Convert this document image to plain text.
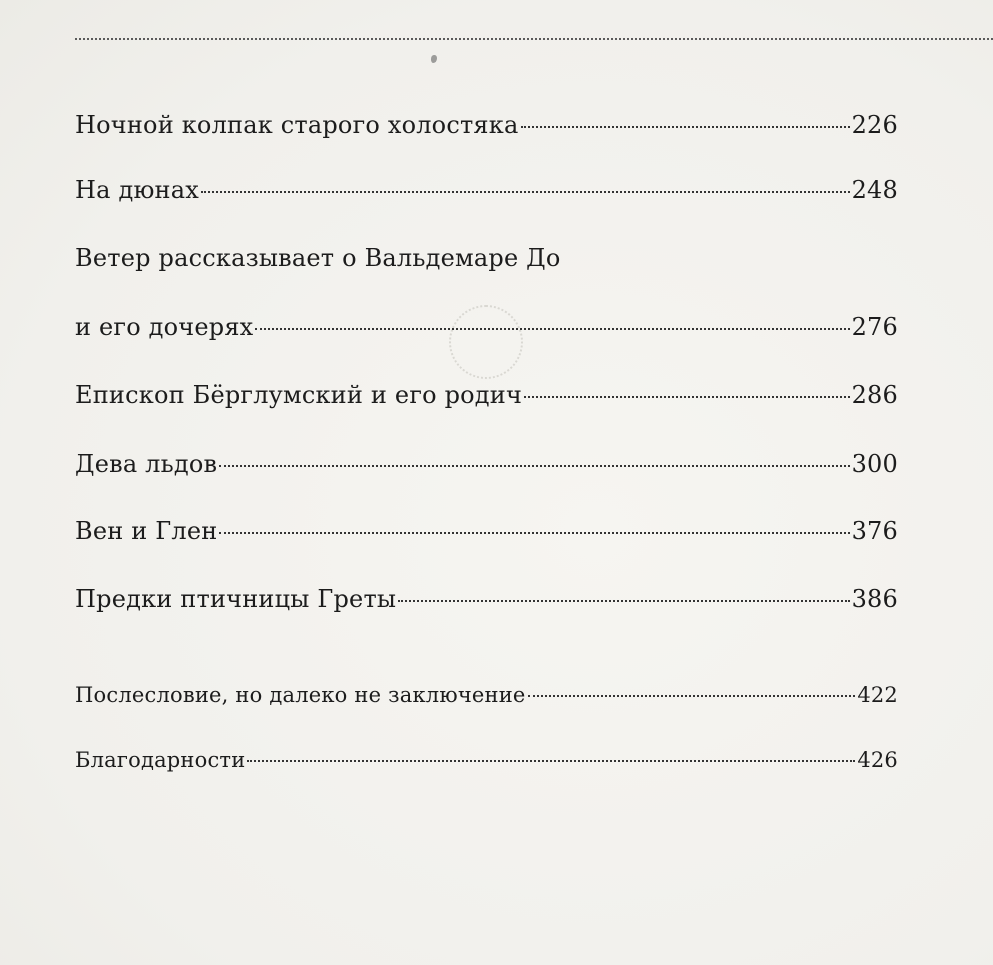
Ночной колпак старого холостяка	226
На дюнах	248
Ветер рассказывает о Вальдемаре До
и его дочерях	276
Епископ Бёрглумский и его родич	286
Дева льдов	300
Вен и Глен	376
Предки птичницы Греты	386
Послесловие, но далеко не заключение	422
Благодарности	426
